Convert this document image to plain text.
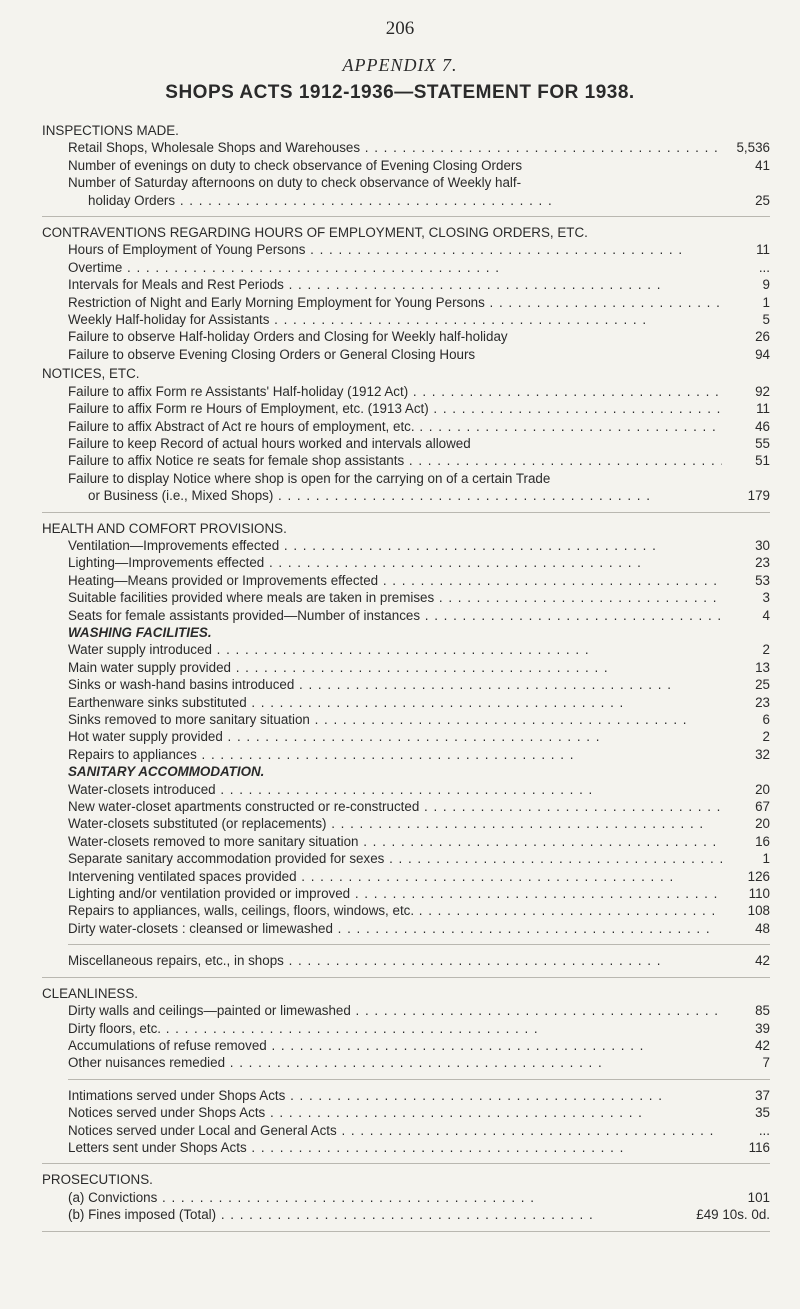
206
APPENDIX 7.
SHOPS ACTS 1912-1936—STATEMENT FOR 1938.
INSPECTIONS MADE.
Retail Shops, Wholesale Shops and Warehouses . .	5,536
Number of evenings on duty to check observance of Evening Closing Orders	41
Number of Saturday afternoons on duty to check observance of Weekly half-
holiday Orders . .	25
CONTRAVENTIONS REGARDING HOURS OF EMPLOYMENT, CLOSING ORDERS, ETC.
Hours of Employment of Young Persons . .	11
Overtime . .	...
Intervals for Meals and Rest Periods . .	9
Restriction of Night and Early Morning Employment for Young Persons . .	1
Weekly Half-holiday for Assistants . .	5
Failure to observe Half-holiday Orders and Closing for Weekly half-holiday	26
Failure to observe Evening Closing Orders or General Closing Hours	94
NOTICES, ETC.
Failure to affix Form re Assistants' Half-holiday (1912 Act) . .	92
Failure to affix Form re Hours of Employment, etc. (1913 Act) . .	11
Failure to affix Abstract of Act re hours of employment, etc. . .	46
Failure to keep Record of actual hours worked and intervals allowed	55
Failure to affix Notice re seats for female shop assistants . .	51
Failure to display Notice where shop is open for the carrying on of a certain Trade
or Business (i.e., Mixed Shops) . .	179
HEALTH AND COMFORT PROVISIONS.
Ventilation—Improvements effected . .	30
Lighting—Improvements effected . .	23
Heating—Means provided or Improvements effected . .	53
Suitable facilities provided where meals are taken in premises . .	3
Seats for female assistants provided—Number of instances . .	4
WASHING FACILITIES.
Water supply introduced . .	2
Main water supply provided . .	13
Sinks or wash-hand basins introduced . .	25
Earthenware sinks substituted . .	23
Sinks removed to more sanitary situation . .	6
Hot water supply provided . .	2
Repairs to appliances . .	32
SANITARY ACCOMMODATION.
Water-closets introduced . .	20
New water-closet apartments constructed or re-constructed . .	67
Water-closets substituted (or replacements) . .	20
Water-closets removed to more sanitary situation . .	16
Separate sanitary accommodation provided for sexes . .	1
Intervening ventilated spaces provided . .	126
Lighting and/or ventilation provided or improved . .	110
Repairs to appliances, walls, ceilings, floors, windows, etc. . .	108
Dirty water-closets : cleansed or limewashed . .	48
Miscellaneous repairs, etc., in shops . .	42
CLEANLINESS.
Dirty walls and ceilings—painted or limewashed . .	85
Dirty floors, etc. . .	39
Accumulations of refuse removed . .	42
Other nuisances remedied . .	7
Intimations served under Shops Acts . .	37
Notices served under Shops Acts . .	35
Notices served under Local and General Acts . .	...
Letters sent under Shops Acts . .	116
PROSECUTIONS.
(a) Convictions . .	101
(b) Fines imposed (Total) . .	£49 10s. 0d.
